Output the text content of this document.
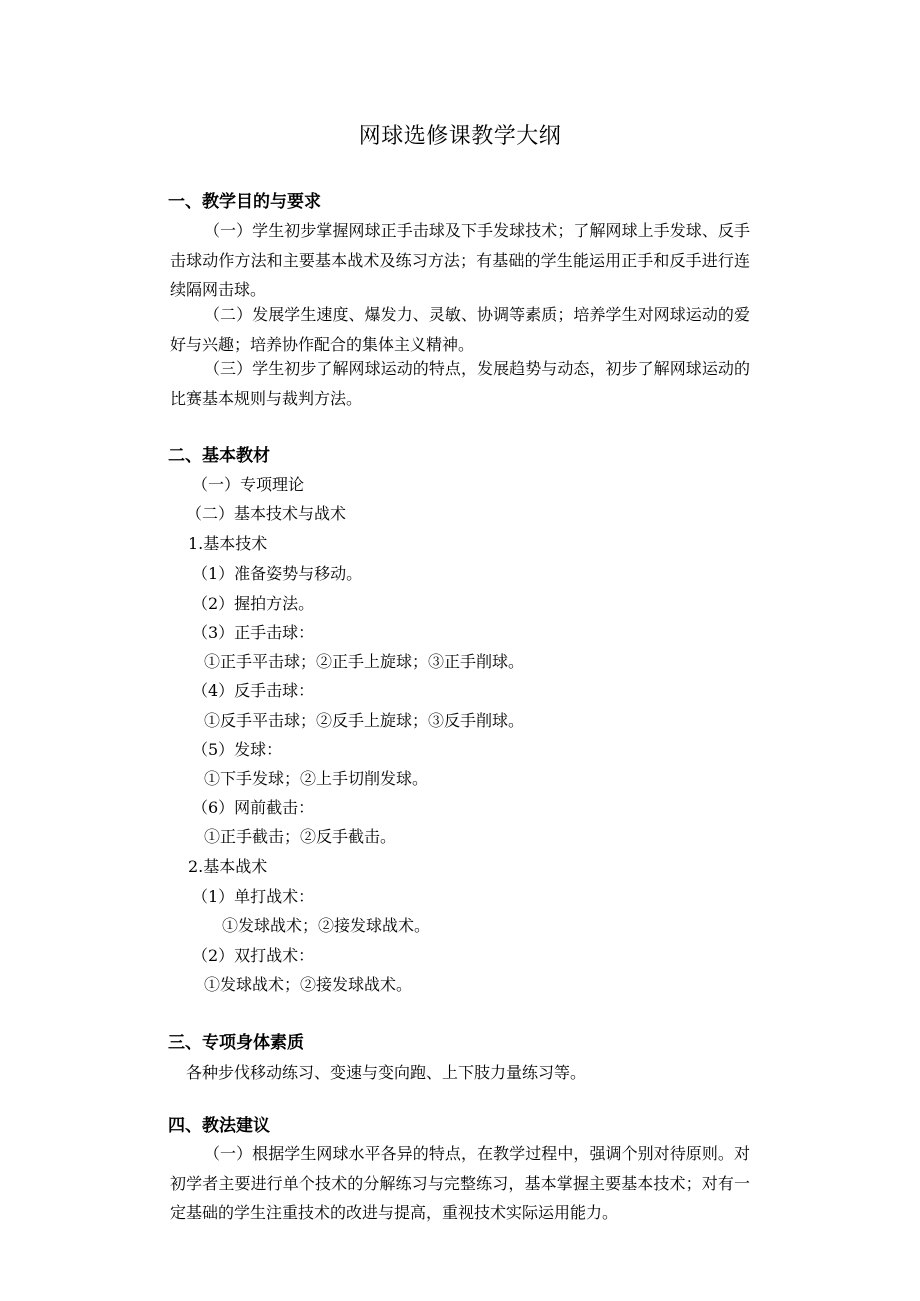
网球选修课教学大纲
一、教学目的与要求
（一）学生初步掌握网球正手击球及下手发球技术；了解网球上手发球、反手击球动作方法和主要基本战术及练习方法；有基础的学生能运用正手和反手进行连续隔网击球。
（二）发展学生速度、爆发力、灵敏、协调等素质；培养学生对网球运动的爱好与兴趣；培养协作配合的集体主义精神。
（三）学生初步了解网球运动的特点，发展趋势与动态，初步了解网球运动的比赛基本规则与裁判方法。
二、基本教材
（一）专项理论
（二）基本技术与战术
1.基本技术
（1）准备姿势与移动。
（2）握拍方法。
（3）正手击球：
①正手平击球；②正手上旋球；③正手削球。
（4）反手击球：
①反手平击球；②反手上旋球；③反手削球。
（5）发球：
①下手发球；②上手切削发球。
（6）网前截击：
①正手截击；②反手截击。
2.基本战术
（1）单打战术：
①发球战术；②接发球战术。
（2）双打战术：
①发球战术；②接发球战术。
三、专项身体素质
各种步伐移动练习、变速与变向跑、上下肢力量练习等。
四、教法建议
（一）根据学生网球水平各异的特点，在教学过程中，强调个别对待原则。对初学者主要进行单个技术的分解练习与完整练习，基本掌握主要基本技术；对有一定基础的学生注重技术的改进与提高，重视技术实际运用能力。
